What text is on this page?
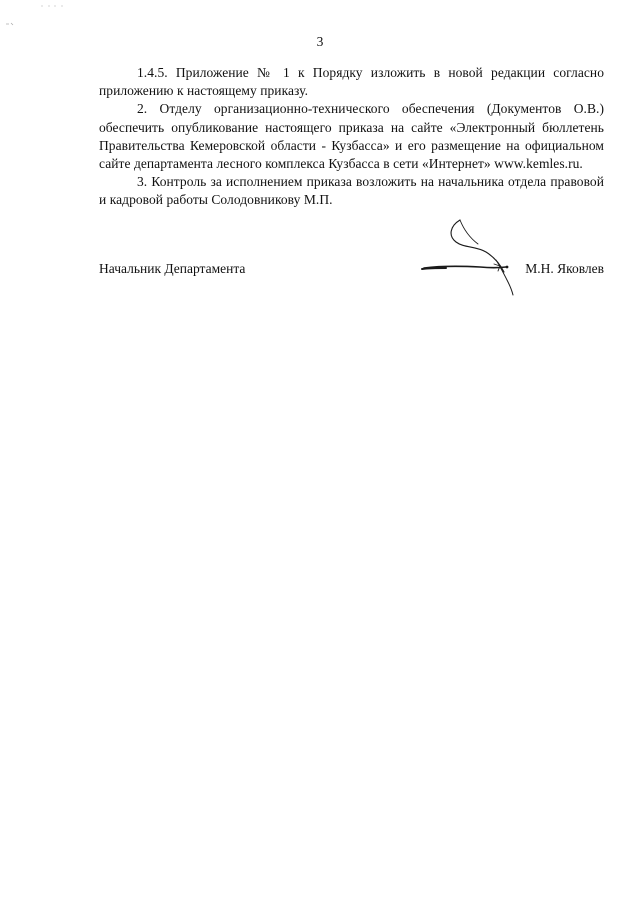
3

1.4.5. Приложение № 1 к Порядку изложить в новой редакции согласно приложению к настоящему приказу.

2. Отделу организационно-технического обеспечения (Документов О.В.) обеспечить опубликование настоящего приказа на сайте «Электронный бюллетень Правительства Кемеровской области - Кузбасса» и его размещение на официальном сайте департамента лесного комплекса Кузбасса в сети «Интернет» www.kemles.ru.

3. Контроль за исполнением приказа возложить на начальника отдела правовой и кадровой работы Солодовникову М.П.

Начальник Департамента	М.Н. Яковлев
